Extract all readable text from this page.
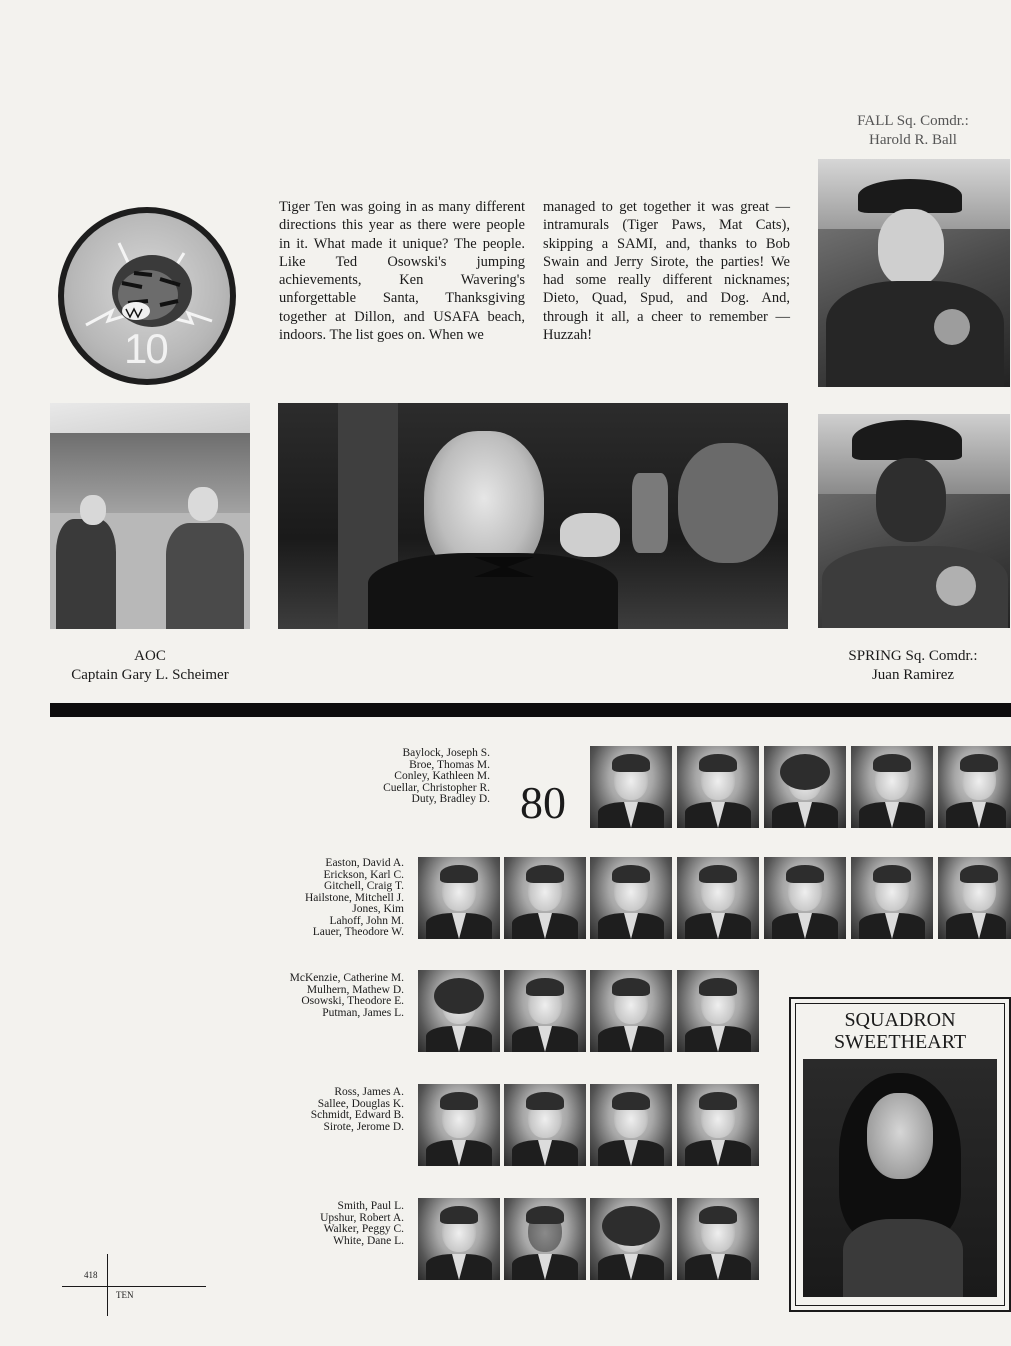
FALL Sq. Comdr.:
Harold R. Ball
10
Tiger Ten was going in as many different directions this year as there were people in it. What made it unique? The people. Like Ted Osowski's jumping achievements, Ken Wavering's unforgettable Santa, Thanksgiving together at Dillon, and USAFA beach, indoors. The list goes on. When we
managed to get together it was great — intramurals (Tiger Paws, Mat Cats), skipping a SAMI, and, thanks to Bob Swain and Jerry Sirote, the parties! We had some really different nicknames; Dieto, Quad, Spud, and Dog. And, through it all, a cheer to remember — Huzzah!
AOC
Captain Gary L. Scheimer
SPRING Sq. Comdr.:
Juan Ramirez
Baylock, Joseph S.
Broe, Thomas M.
Conley, Kathleen M.
Cuellar, Christopher R.
Duty, Bradley D. 80
Easton, David A.
Erickson, Karl C.
Gitchell, Craig T.
Hailstone, Mitchell J.
Jones, Kim
Lahoff, John M.
Lauer, Theodore W.
McKenzie, Catherine M.
Mulhern, Mathew D.
Osowski, Theodore E.
Putman, James L.
Ross, James A.
Sallee, Douglas K.
Schmidt, Edward B.
Sirote, Jerome D.
Smith, Paul L.
Upshur, Robert A.
Walker, Peggy C.
White, Dane L.
SQUADRON
SWEETHEART
418
TEN
